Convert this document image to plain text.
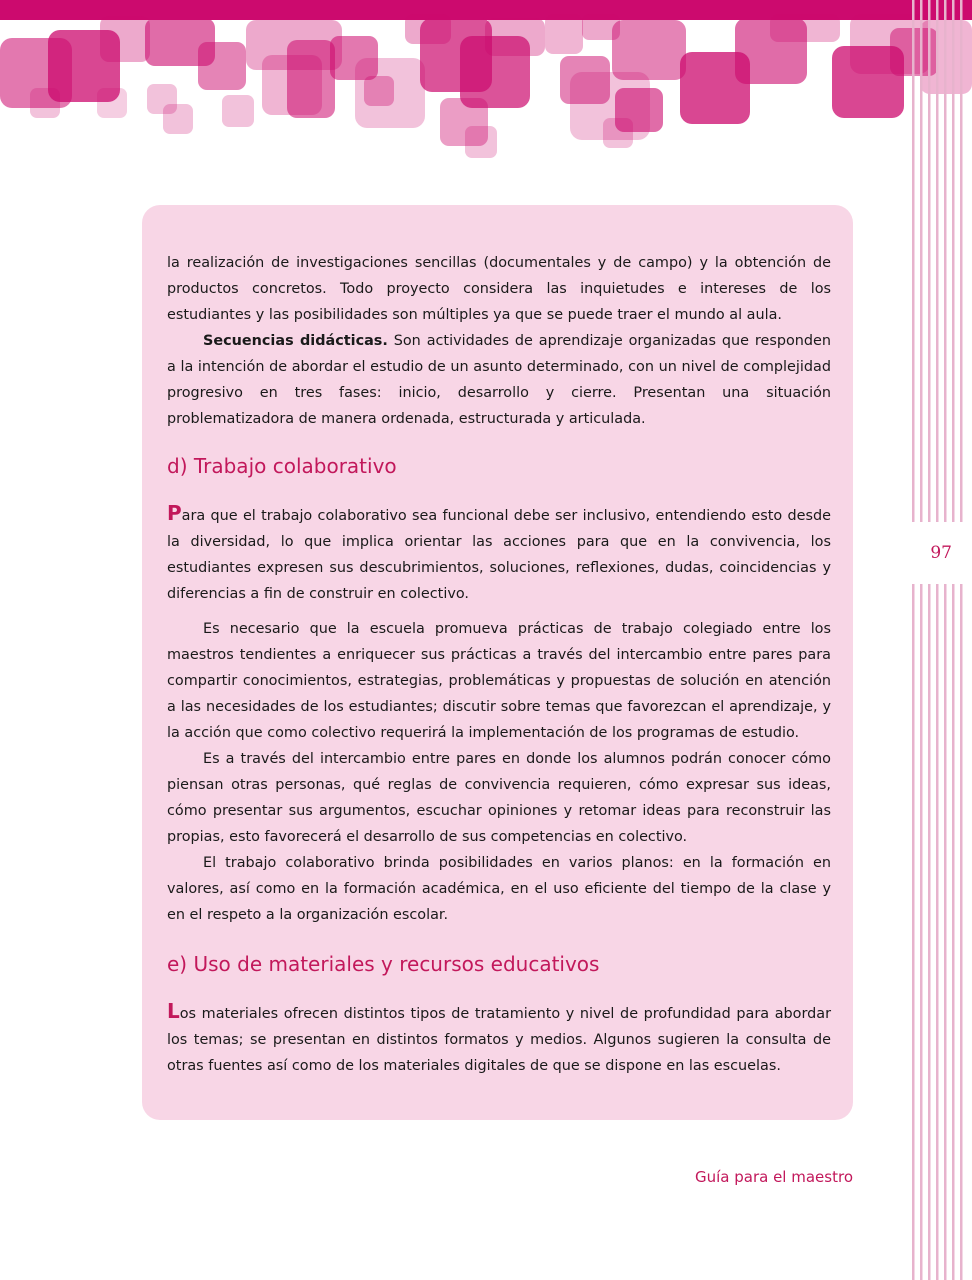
97

la realización de investigaciones sencillas (documentales y de campo) y la obtención de productos concretos. Todo proyecto considera las inquietudes e intereses de los estudiantes y las posibilidades son múltiples ya que se puede traer el mundo al aula.

Secuencias didácticas. Son actividades de aprendizaje organizadas que responden a la intención de abordar el estudio de un asunto determinado, con un nivel de complejidad progresivo en tres fases: inicio, desarrollo y cierre. Presentan una situación problematizadora de manera ordenada, estructurada y articulada.

d) Trabajo colaborativo

Para que el trabajo colaborativo sea funcional debe ser inclusivo, entendiendo esto desde la diversidad, lo que implica orientar las acciones para que en la convivencia, los estudiantes expresen sus descubrimientos, soluciones, reflexiones, dudas, coincidencias y diferencias a fin de construir en colectivo.

Es necesario que la escuela promueva prácticas de trabajo colegiado entre los maestros tendientes a enriquecer sus prácticas a través del intercambio entre pares para compartir conocimientos, estrategias, problemáticas y propuestas de solución en atención a las necesidades de los estudiantes; discutir sobre temas que favorezcan el aprendizaje, y la acción que como colectivo requerirá la implementación de los programas de estudio.

Es a través del intercambio entre pares en donde los alumnos podrán conocer cómo piensan otras personas, qué reglas de convivencia requieren, cómo expresar sus ideas, cómo presentar sus argumentos, escuchar opiniones y retomar ideas para reconstruir las propias, esto favorecerá el desarrollo de sus competencias en colectivo.

El trabajo colaborativo brinda posibilidades en varios planos: en la formación en valores, así como en la formación académica, en el uso eficiente del tiempo de la clase y en el respeto a la organización escolar.

e) Uso de materiales y recursos educativos

Los materiales ofrecen distintos tipos de tratamiento y nivel de profundidad para abordar los temas; se presentan en distintos formatos y medios. Algunos sugieren la consulta de otras fuentes así como de los materiales digitales de que se dispone en las escuelas.

Guía para el maestro
